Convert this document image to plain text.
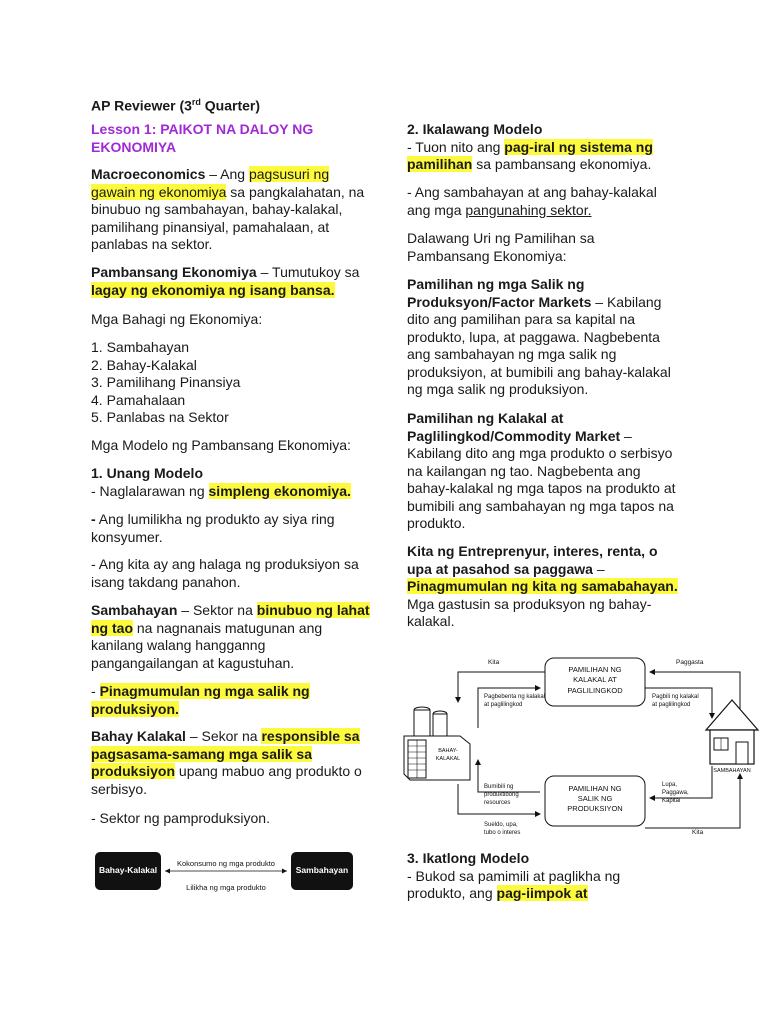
AP Reviewer (3rd Quarter)

Lesson 1: PAIKOT NA DALOY NG EKONOMIYA

Macroeconomics – Ang pagsusuri ng gawain ng ekonomiya sa pangkalahatan, na binubuo ng sambahayan, bahay-kalakal, pamilihang pinansiyal, pamahalaan, at panlabas na sektor.

Pambansang Ekonomiya – Tumutukoy sa lagay ng ekonomiya ng isang bansa.

Mga Bahagi ng Ekonomiya:

1. Sambahayan
2. Bahay-Kalakal
3. Pamilihang Pinansiya
4. Pamahalaan
5. Panlabas na Sektor

Mga Modelo ng Pambansang Ekonomiya:

1. Unang Modelo
- Naglalarawan ng simpleng ekonomiya.

- Ang lumilikha ng produkto ay siya ring konsyumer.

- Ang kita ay ang halaga ng produksiyon sa isang takdang panahon.

Sambahayan – Sektor na binubuo ng lahat ng tao na nagnanais matugunan ang kanilang walang hangganng pangangailangan at kagustuhan.

- Pinagmumulan ng mga salik ng produksiyon.

Bahay Kalakal – Sekor na responsible sa pagsasama-samang mga salik sa produksiyon upang mabuo ang produkto o serbisyo.

- Sektor ng pamproduksiyon.

Bahay-Kalakal	Sambahayan
Kokonsumo ng mga produkto
Lilikha ng mga produkto

2. Ikalawang Modelo
- Tuon nito ang pag-iral ng sistema ng pamilihan sa pambansang ekonomiya.

- Ang sambahayan at ang bahay-kalakal ang mga pangunahing sektor.

Dalawang Uri ng Pamilihan sa Pambansang Ekonomiya:

Pamilihan ng mga Salik ng Produksyon/Factor Markets – Kabilang dito ang pamilihan para sa kapital na produkto, lupa, at paggawa. Nagbebenta ang sambahayan ng mga salik ng produksiyon, at bumibili ang bahay-kalakal ng mga salik ng produksiyon.

Pamilihan ng Kalakal at Paglilingkod/Commodity Market – Kabilang dito ang mga produkto o serbisyo na kailangan ng tao. Nagbebenta ang bahay-kalakal ng mga tapos na produkto at bumibili ang sambahayan ng mga tapos na produkto.

Kita ng Entreprenyur, interes, renta, o upa at pasahod sa paggawa – Pinagmumulan ng kita ng samabahayan. Mga gastusin sa produksyon ng bahay-kalakal.

3. Ikatlong Modelo
- Bukod sa pamimili at paglikha ng produkto, ang pag-iimpok at

PAMILIHAN NG KALAKAL AT PAGLILINGKOD
PAMILIHAN NG SALIK NG PRODUKSIYON
Kita	Paggasta
Pagbebenta ng kalakal at paglilingkod
Pagbili ng kalakal at paglilingkod
Bumibili ng produktibong resources
Lupa, Paggawa, Kapital
Sueldo, upa, tubo o interes	Kita
BAHAY-KALAKAL
SAMBAHAYAN
